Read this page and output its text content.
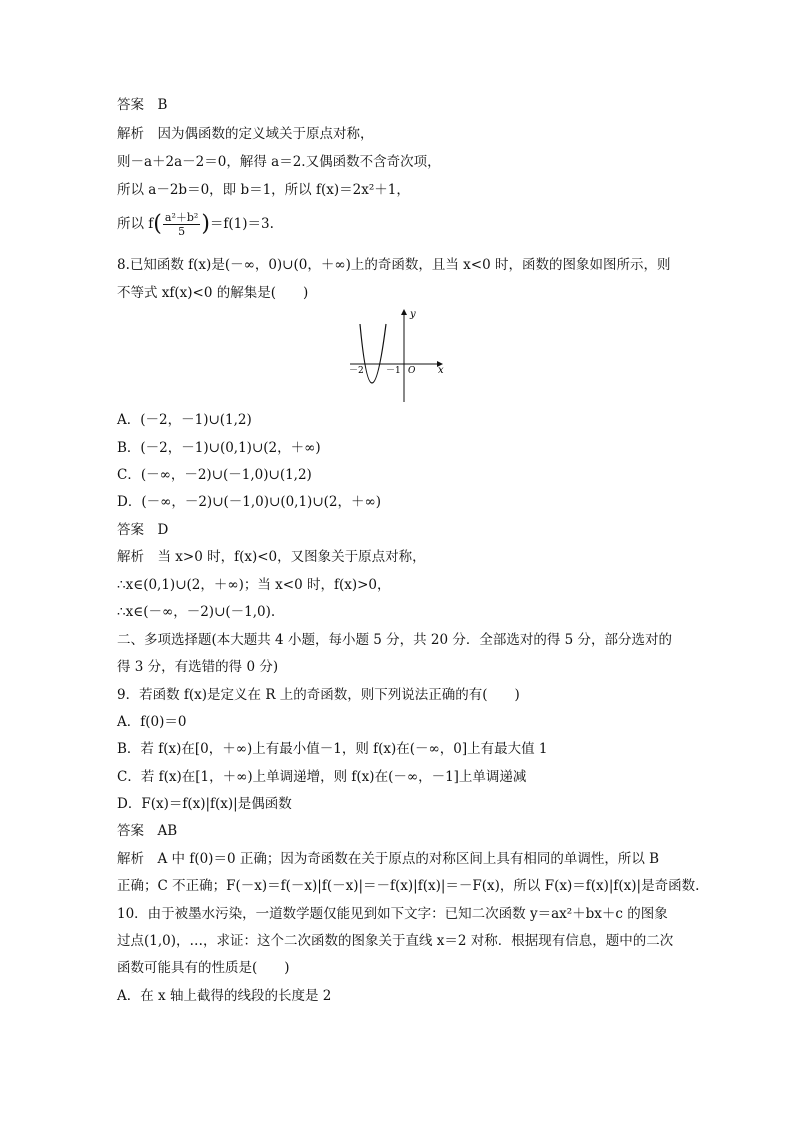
答案　B
解析　因为偶函数的定义域关于原点对称，
则－a＋2a－2＝0，解得 a＝2.又偶函数不含奇次项，
所以 a－2b＝0，即 b＝1，所以 f(x)＝2x²＋1，
所以 $f( \frac{\text{a²＋b²}}{5} )=f(1)=3$.
8.已知函数 f(x)是(－∞，0)∪(0，＋∞)上的奇函数，且当 x<0 时，函数的图象如图所示，则
不等式 xf(x)<0 的解集是(　　)
y
x
O
－2 －1
A．(－2，－1)∪(1,2)
B．(－2，－1)∪(0,1)∪(2，＋∞)
C．(－∞，－2)∪(－1,0)∪(1,2)
D．(－∞，－2)∪(－1,0)∪(0,1)∪(2，＋∞)
答案　D
解析　当 x>0 时，f(x)<0，又图象关于原点对称，
∴x∈(0,1)∪(2，＋∞)；当 x<0 时，f(x)>0，
∴x∈(－∞，－2)∪(－1,0).
二、多项选择题(本大题共 4 小题，每小题 5 分，共 20 分．全部选对的得 5 分，部分选对的
得 3 分，有选错的得 0 分)
9．若函数 f(x)是定义在 R 上的奇函数，则下列说法正确的有(　　)
A．f(0)＝0
B．若 f(x)在[0，＋∞)上有最小值－1，则 f(x)在(－∞，0]上有最大值 1
C．若 f(x)在[1，＋∞)上单调递增，则 f(x)在(－∞，－1]上单调递减
D．F(x)＝f(x)|f(x)|是偶函数
答案　AB
解析　A 中 f(0)＝0 正确；因为奇函数在关于原点的对称区间上具有相同的单调性，所以 B
正确；C 不正确；F(－x)＝f(－x)|f(－x)|＝－f(x)|f(x)|＝－F(x)，所以 F(x)＝f(x)|f(x)|是奇函数.
10．由于被墨水污染，一道数学题仅能见到如下文字：已知二次函数 y＝ax²＋bx＋c 的图象
过点(1,0)，…，求证：这个二次函数的图象关于直线 x＝2 对称．根据现有信息，题中的二次
函数可能具有的性质是(　　)
A．在 x 轴上截得的线段的长度是 2
